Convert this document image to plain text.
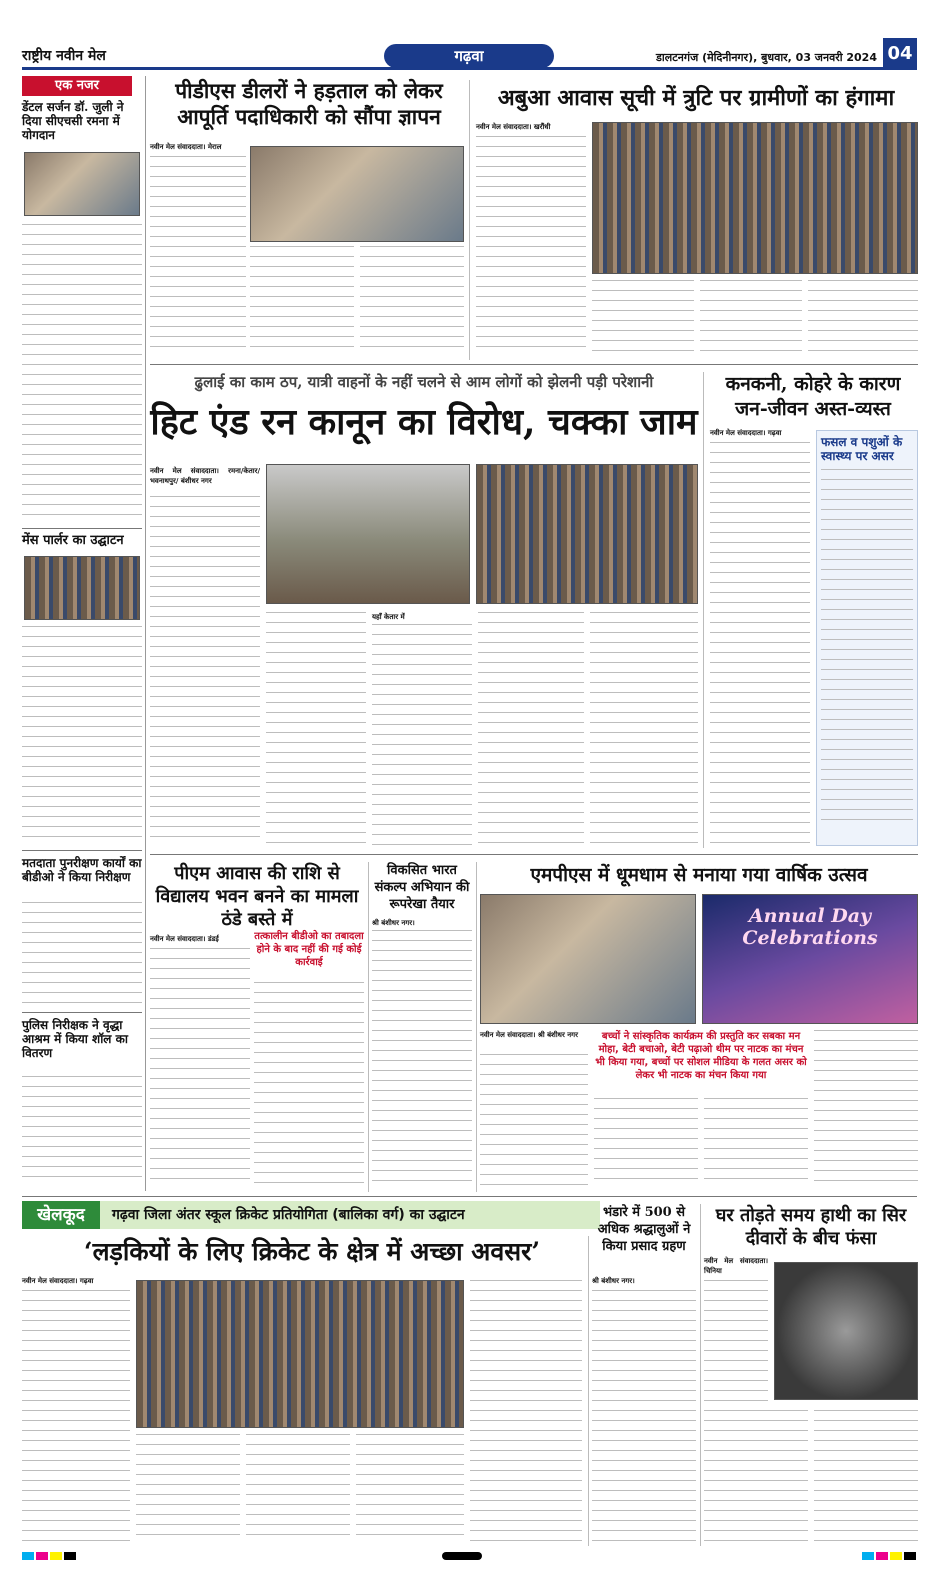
राष्ट्रीय नवीन मेल	गढ़वा	डालटनगंज (मेदिनीनगर), बुधवार, 03 जनवरी 2024 04
एक नजर
डेंटल सर्जन डॉ. जुली ने दिया सीएचसी रमना में योगदान
मेंस पार्लर का उद्घाटन
मतदाता पुनरीक्षण कार्यों का बीडीओ ने किया निरीक्षण
पुलिस निरीक्षक ने वृद्धा आश्रम में किया शॉल का वितरण
पीडीएस डीलरों ने हड़ताल को लेकर आपूर्ति पदाधिकारी को सौंपा ज्ञापन
नवीन मेल संवाददाता। मेराल
अबुआ आवास सूची में त्रुटि पर ग्रामीणों का हंगामा
नवीन मेल संवाददाता। खरौंधी
ढुलाई का काम ठप, यात्री वाहनों के नहीं चलने से आम लोगों को झेलनी पड़ी परेशानी
हिट एंड रन कानून का विरोध, चक्का जाम
नवीन मेल संवाददाता। रमना/केतार/भवनाथपुर/ बंशीधर नगर
यहाँ केतार में
कनकनी, कोहरे के कारण जन-जीवन अस्त-व्यस्त
नवीन मेल संवाददाता। गढ़वा
फसल व पशुओं के स्वास्थ्य पर असर
पीएम आवास की राशि से विद्यालय भवन बनने का मामला ठंडे बस्ते में
नवीन मेल संवाददाता। डंडई	तत्कालीन बीडीओ का तबादला होने के बाद नहीं की गई कोई कार्रवाई
विकसित भारत संकल्प अभियान की रूपरेखा तैयार
श्री बंशीधर नगर।
एमपीएस में धूमधाम से मनाया गया वार्षिक उत्सव
Annual Day Celebrations
नवीन मेल संवाददाता। श्री बंशीधर नगर	बच्चों ने सांस्कृतिक कार्यक्रम की प्रस्तुति कर सबका मन मोहा, बेटी बचाओ, बेटी पढ़ाओ थीम पर नाटक का मंचन भी किया गया, बच्चों पर सोशल मीडिया के गलत असर को लेकर भी नाटक का मंचन किया गया
खेलकूद	गढ़वा जिला अंतर स्कूल क्रिकेट प्रतियोगिता (बालिका वर्ग) का उद्घाटन
‘लड़कियों के लिए क्रिकेट के क्षेत्र में अच्छा अवसर’
नवीन मेल संवाददाता। गढ़वा
भंडारे में 500 से अधिक श्रद्धालुओं ने किया प्रसाद ग्रहण
श्री बंशीधर नगर।
घर तोड़ते समय हाथी का सिर दीवारों के बीच फंसा
नवीन मेल संवाददाता। चिनिया
